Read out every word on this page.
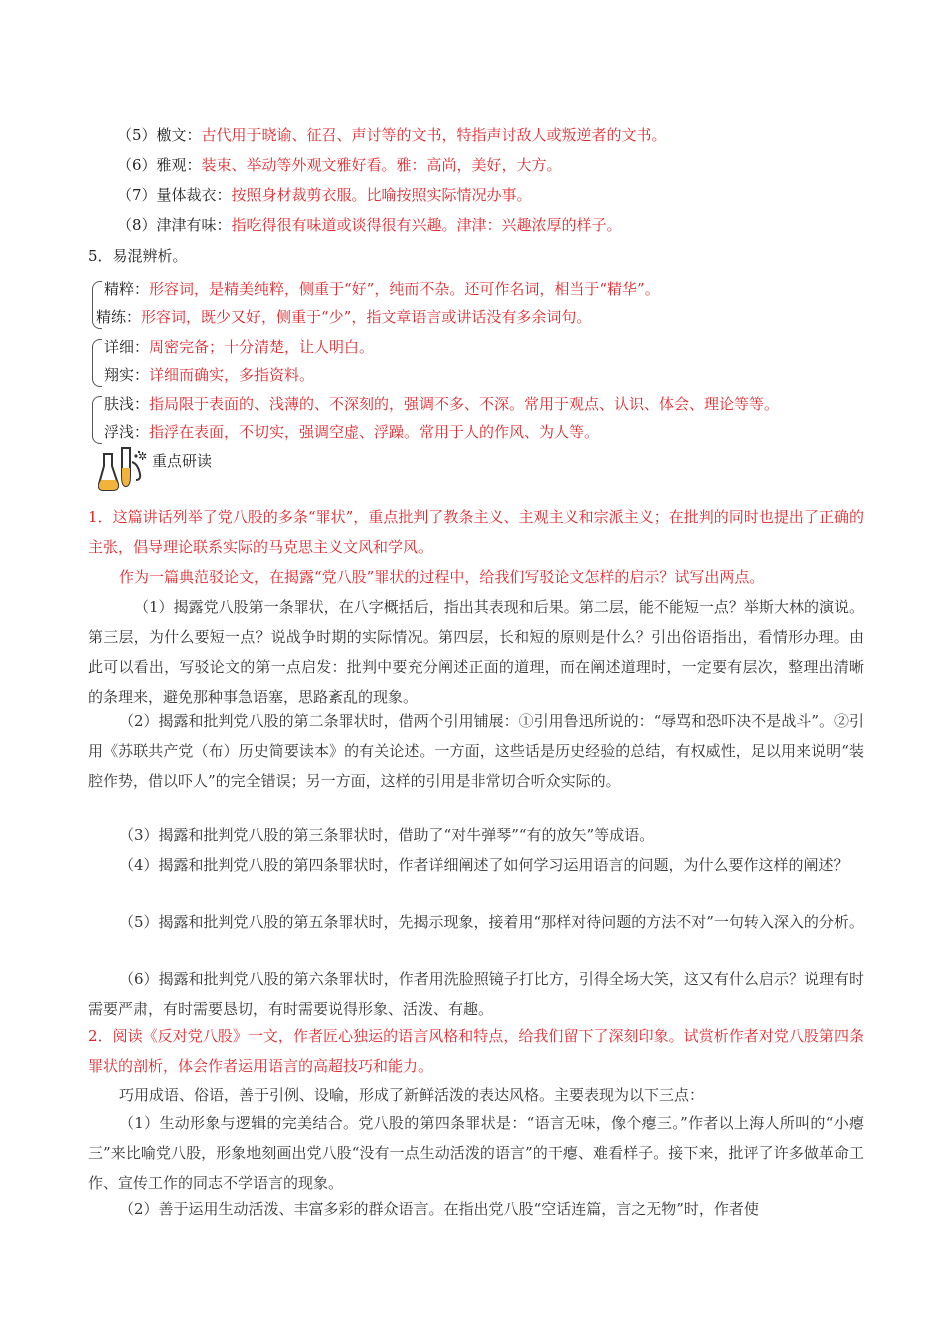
（5）檄文：古代用于晓谕、征召、声讨等的文书，特指声讨敌人或叛逆者的文书。
（6）雅观：装束、举动等外观文雅好看。雅：高尚，美好，大方。
（7）量体裁衣：按照身材裁剪衣服。比喻按照实际情况办事。
（8）津津有味：指吃得很有味道或谈得很有兴趣。津津：兴趣浓厚的样子。
5．易混辨析。
精粹：形容词，是精美纯粹，侧重于“好”，纯而不杂。还可作名词，相当于“精华”。
精练：形容词，既少又好，侧重于“少”，指文章语言或讲话没有多余词句。
详细：周密完备；十分清楚，让人明白。
翔实：详细而确实，多指资料。
肤浅：指局限于表面的、浅薄的、不深刻的，强调不多、不深。常用于观点、认识、体会、理论等等。
浮浅：指浮在表面，不切实，强调空虚、浮躁。常用于人的作风、为人等。
✲ 重点研读

1．这篇讲话列举了党八股的多条“罪状”，重点批判了教条主义、主观主义和宗派主义；在批判的同时也提出了正确的主张，倡导理论联系实际的马克思主义文风和学风。

作为一篇典范驳论文，在揭露“党八股”罪状的过程中，给我们写驳论文怎样的启示？试写出两点。

（1）揭露党八股第一条罪状，在八字概括后，指出其表现和后果。第二层，能不能短一点？举斯大林的演说。第三层，为什么要短一点？说战争时期的实际情况。第四层，长和短的原则是什么？引出俗语指出，看情形办理。由此可以看出，写驳论文的第一点启发：批判中要充分阐述正面的道理，而在阐述道理时，一定要有层次，整理出清晰的条理来，避免那种事急语塞，思路紊乱的现象。

（2）揭露和批判党八股的第二条罪状时，借两个引用铺展：①引用鲁迅所说的：“辱骂和恐吓决不是战斗”。②引用《苏联共产党（布）历史简要读本》的有关论述。一方面，这些话是历史经验的总结，有权威性，足以用来说明“装腔作势，借以吓人”的完全错误；另一方面，这样的引用是非常切合听众实际的。

（3）揭露和批判党八股的第三条罪状时，借助了“对牛弹琴”“有的放矢”等成语。

（4）揭露和批判党八股的第四条罪状时，作者详细阐述了如何学习运用语言的问题，为什么要作这样的阐述？

（5）揭露和批判党八股的第五条罪状时，先揭示现象，接着用“那样对待问题的方法不对”一句转入深入的分析。

（6）揭露和批判党八股的第六条罪状时，作者用洗脸照镜子打比方，引得全场大笑，这又有什么启示？说理有时需要严肃，有时需要恳切，有时需要说得形象、活泼、有趣。

2．阅读《反对党八股》一文，作者匠心独运的语言风格和特点，给我们留下了深刻印象。试赏析作者对党八股第四条罪状的剖析，体会作者运用语言的高超技巧和能力。

巧用成语、俗语，善于引例、设喻，形成了新鲜活泼的表达风格。主要表现为以下三点：

（1）生动形象与逻辑的完美结合。党八股的第四条罪状是：“语言无味，像个瘪三。”作者以上海人所叫的“小瘪三”来比喻党八股，形象地刻画出党八股“没有一点生动活泼的语言”的干瘪、难看样子。接下来，批评了许多做革命工作、宣传工作的同志不学语言的现象。

（2）善于运用生动活泼、丰富多彩的群众语言。在指出党八股“空话连篇，言之无物”时，作者使
